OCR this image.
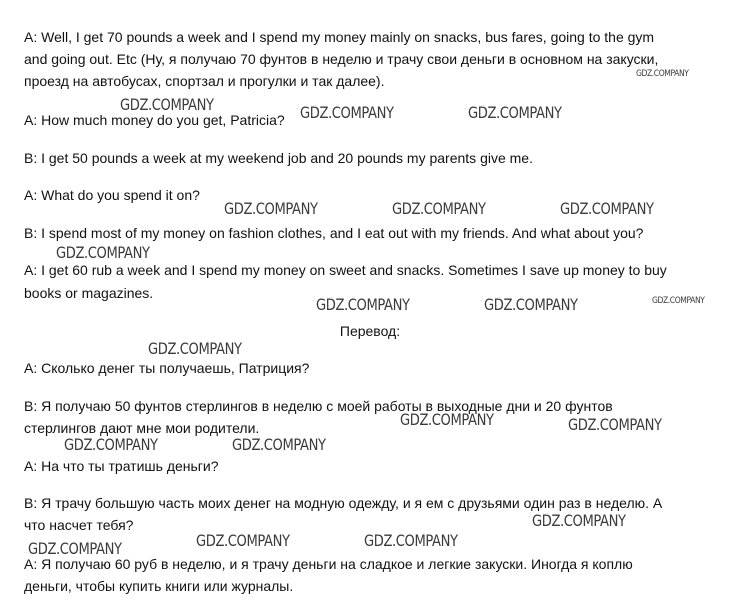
A: Well, I get 70 pounds a week and I spend my money mainly on snacks, bus fares, going to the gym
and going out. Etc (Ну, я получаю 70 фунтов в неделю и трачу свои деньги в основном на закуски,
проезд на автобусах, спортзал и прогулки и так далее).
A: How much money do you get, Patricia?
B: I get 50 pounds a week at my weekend job and 20 pounds my parents give me.
A: What do you spend it on?
B: I spend most of my money on fashion clothes, and I eat out with my friends. And what about you?
A: I get 60 rub a week and I spend my money on sweet and snacks. Sometimes I save up money to buy
books or magazines.
Перевод:
A: Сколько денег ты получаешь, Патриция?
B: Я получаю 50 фунтов стерлингов в неделю с моей работы в выходные дни и 20 фунтов
стерлингов дают мне мои родители.
A: На что ты тратишь деньги?
B: Я трачу большую часть моих денег на модную одежду, и я ем с друзьями один раз в неделю. А
что насчет тебя?
A: Я получаю 60 руб в неделю, и я трачу деньги на сладкое и легкие закуски. Иногда я коплю
деньги, чтобы купить книги или журналы.
GDZ.COMPANY
GDZ.COMPANY	GDZ.COMPANY	GDZ.COMPANY
GDZ.COMPANY	GDZ.COMPANY	GDZ.COMPANY
GDZ.COMPANY
GDZ.COMPANY	GDZ.COMPANY	GDZ.COMPANY
GDZ.COMPANY
GDZ.COMPANY	GDZ.COMPANY
GDZ.COMPANY	GDZ.COMPANY
GDZ.COMPANY
GDZ.COMPANY	GDZ.COMPANY
GDZ.COMPANY
